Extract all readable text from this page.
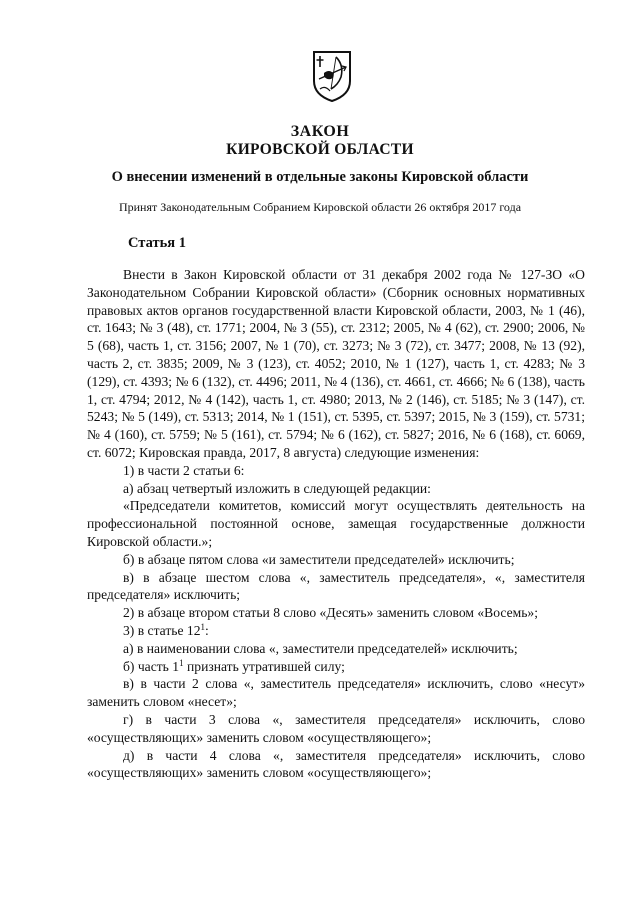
ЗАКОН
КИРОВСКОЙ ОБЛАСТИ
О внесении изменений в отдельные законы Кировской области
Принят Законодательным Собранием Кировской области 26 октября 2017 года
Статья 1

Внести в Закон Кировской области от 31 декабря 2002 года № 127-ЗО «О Законодательном Собрании Кировской области» (Сборник основных нормативных правовых актов органов государственной власти Кировской области, 2003, № 1 (46), ст. 1643; № 3 (48), ст. 1771; 2004, № 3 (55), ст. 2312; 2005, № 4 (62), ст. 2900; 2006, № 5 (68), часть 1, ст. 3156; 2007, № 1 (70), ст. 3273; № 3 (72), ст. 3477; 2008, № 13 (92), часть 2, ст. 3835; 2009, № 3 (123), ст. 4052; 2010, № 1 (127), часть 1, ст. 4283; № 3 (129), ст. 4393; № 6 (132), ст. 4496; 2011, № 4 (136), ст. 4661, ст. 4666; № 6 (138), часть 1, ст. 4794; 2012, № 4 (142), часть 1, ст. 4980; 2013, № 2 (146), ст. 5185; № 3 (147), ст. 5243; № 5 (149), ст. 5313; 2014, № 1 (151), ст. 5395, ст. 5397; 2015, № 3 (159), ст. 5731; № 4 (160), ст. 5759; № 5 (161), ст. 5794; № 6 (162), ст. 5827; 2016, № 6 (168), ст. 6069, ст. 6072; Кировская правда, 2017, 8 августа) следующие изменения:

1) в части 2 статьи 6:

а) абзац четвертый изложить в следующей редакции:

«Председатели комитетов, комиссий могут осуществлять деятельность на профессиональной постоянной основе, замещая государственные должности Кировской области.»;

б) в абзаце пятом слова «и заместители председателей» исключить;

в) в абзаце шестом слова «, заместитель председателя», «, заместителя председателя» исключить;

2) в абзаце втором статьи 8 слово «Десять» заменить словом «Восемь»;

3) в статье $12^1$:

а) в наименовании слова «, заместители председателей» исключить;

б) часть $1^1$ признать утратившей силу;

в) в части 2 слова «, заместитель председателя» исключить, слово «несут» заменить словом «несет»;

г) в части 3 слова «, заместителя председателя» исключить, слово «осуществляющих» заменить словом «осуществляющего»;

д) в части 4 слова «, заместителя председателя» исключить, слово «осуществляющих» заменить словом «осуществляющего»;
